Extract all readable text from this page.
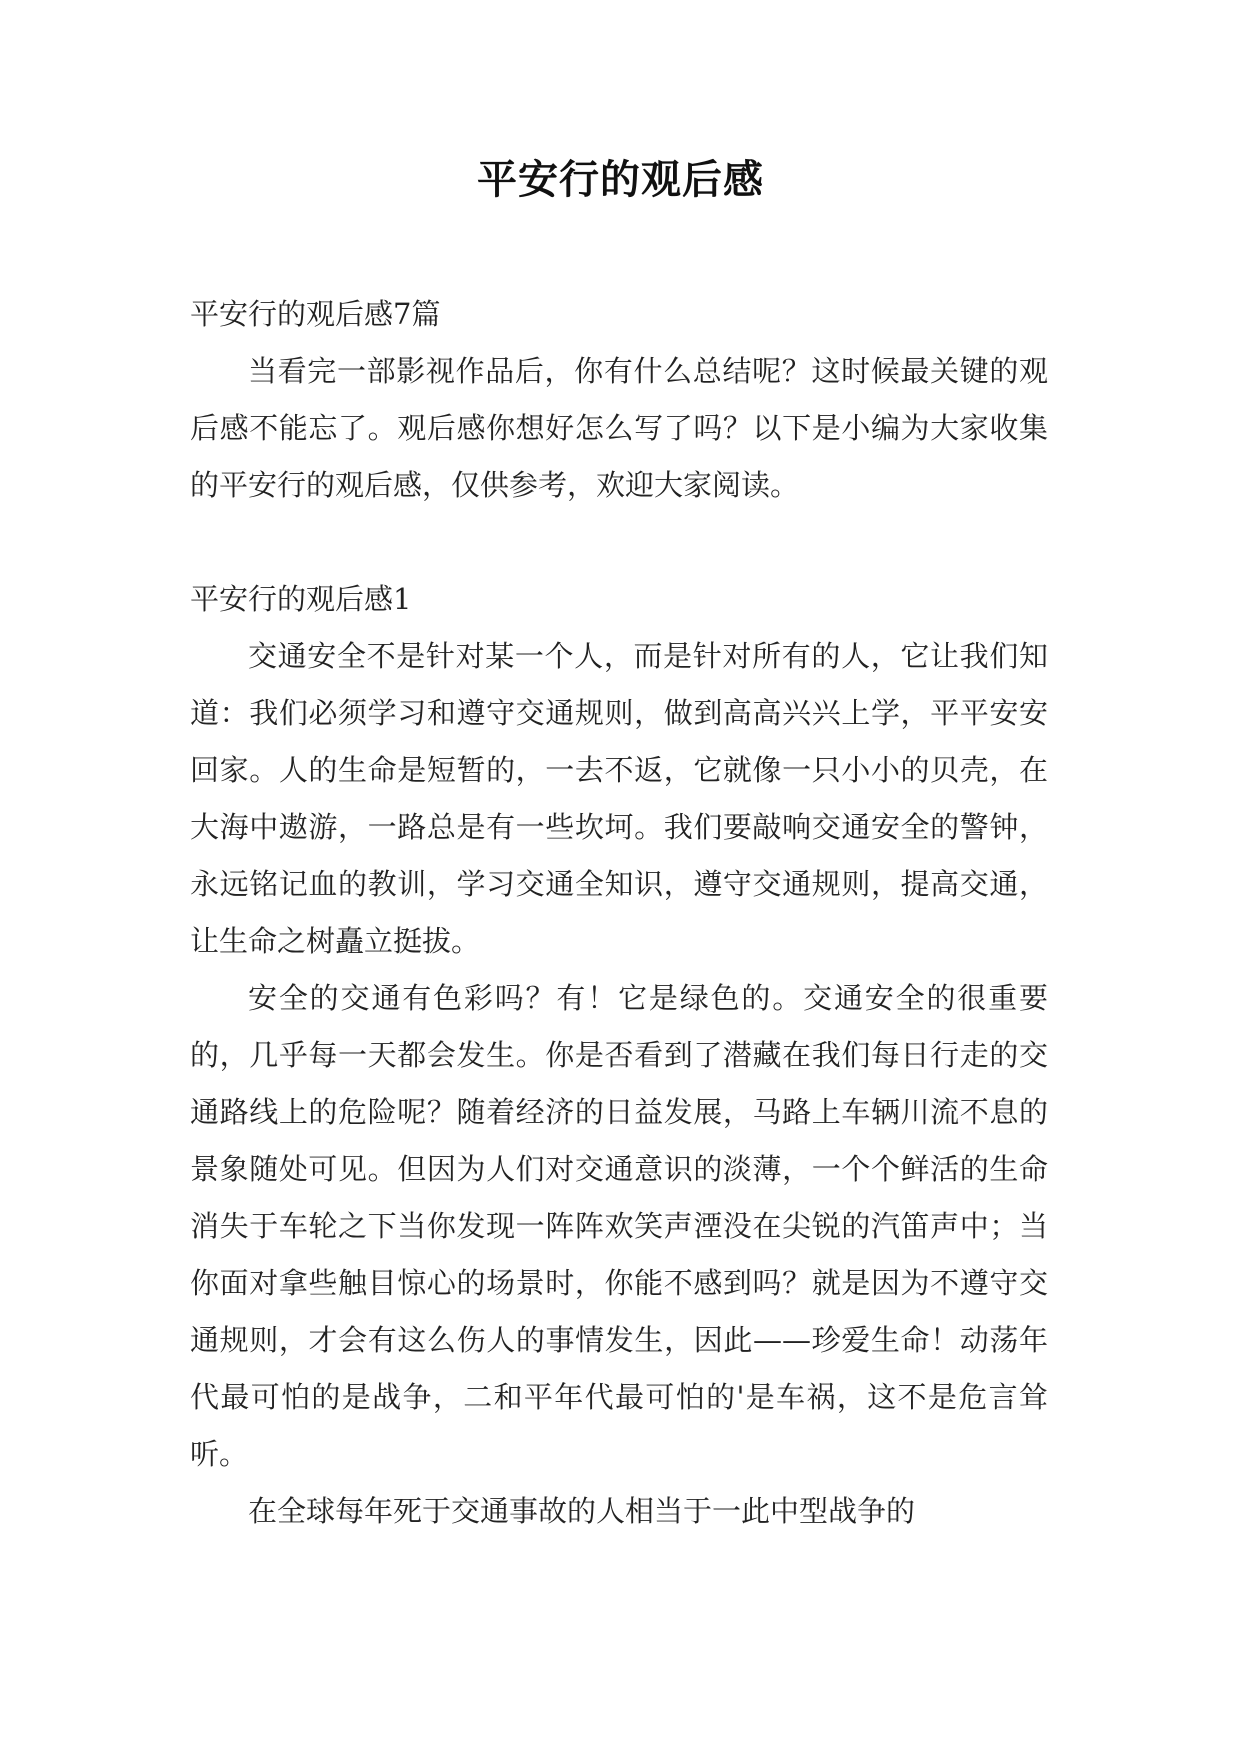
平安行的观后感

平安行的观后感7篇

当看完一部影视作品后，你有什么总结呢？这时候最关键的观后感不能忘了。观后感你想好怎么写了吗？以下是小编为大家收集的平安行的观后感，仅供参考，欢迎大家阅读。

平安行的观后感1

交通安全不是针对某一个人，而是针对所有的人，它让我们知道：我们必须学习和遵守交通规则，做到高高兴兴上学，平平安安回家。人的生命是短暂的，一去不返，它就像一只小小的贝壳，在大海中遨游，一路总是有一些坎坷。我们要敲响交通安全的警钟，永远铭记血的教训，学习交通全知识，遵守交通规则，提高交通，让生命之树矗立挺拔。

安全的交通有色彩吗？有！它是绿色的。交通安全的很重要的，几乎每一天都会发生。你是否看到了潜藏在我们每日行走的交通路线上的危险呢？随着经济的日益发展，马路上车辆川流不息的景象随处可见。但因为人们对交通意识的淡薄，一个个鲜活的生命消失于车轮之下当你发现一阵阵欢笑声湮没在尖锐的汽笛声中；当你面对拿些触目惊心的场景时，你能不感到吗？就是因为不遵守交通规则，才会有这么伤人的事情发生，因此——珍爱生命！动荡年代最可怕的是战争，二和平年代最可怕的'是车祸，这不是危言耸听。

在全球每年死于交通事故的人相当于一此中型战争的
